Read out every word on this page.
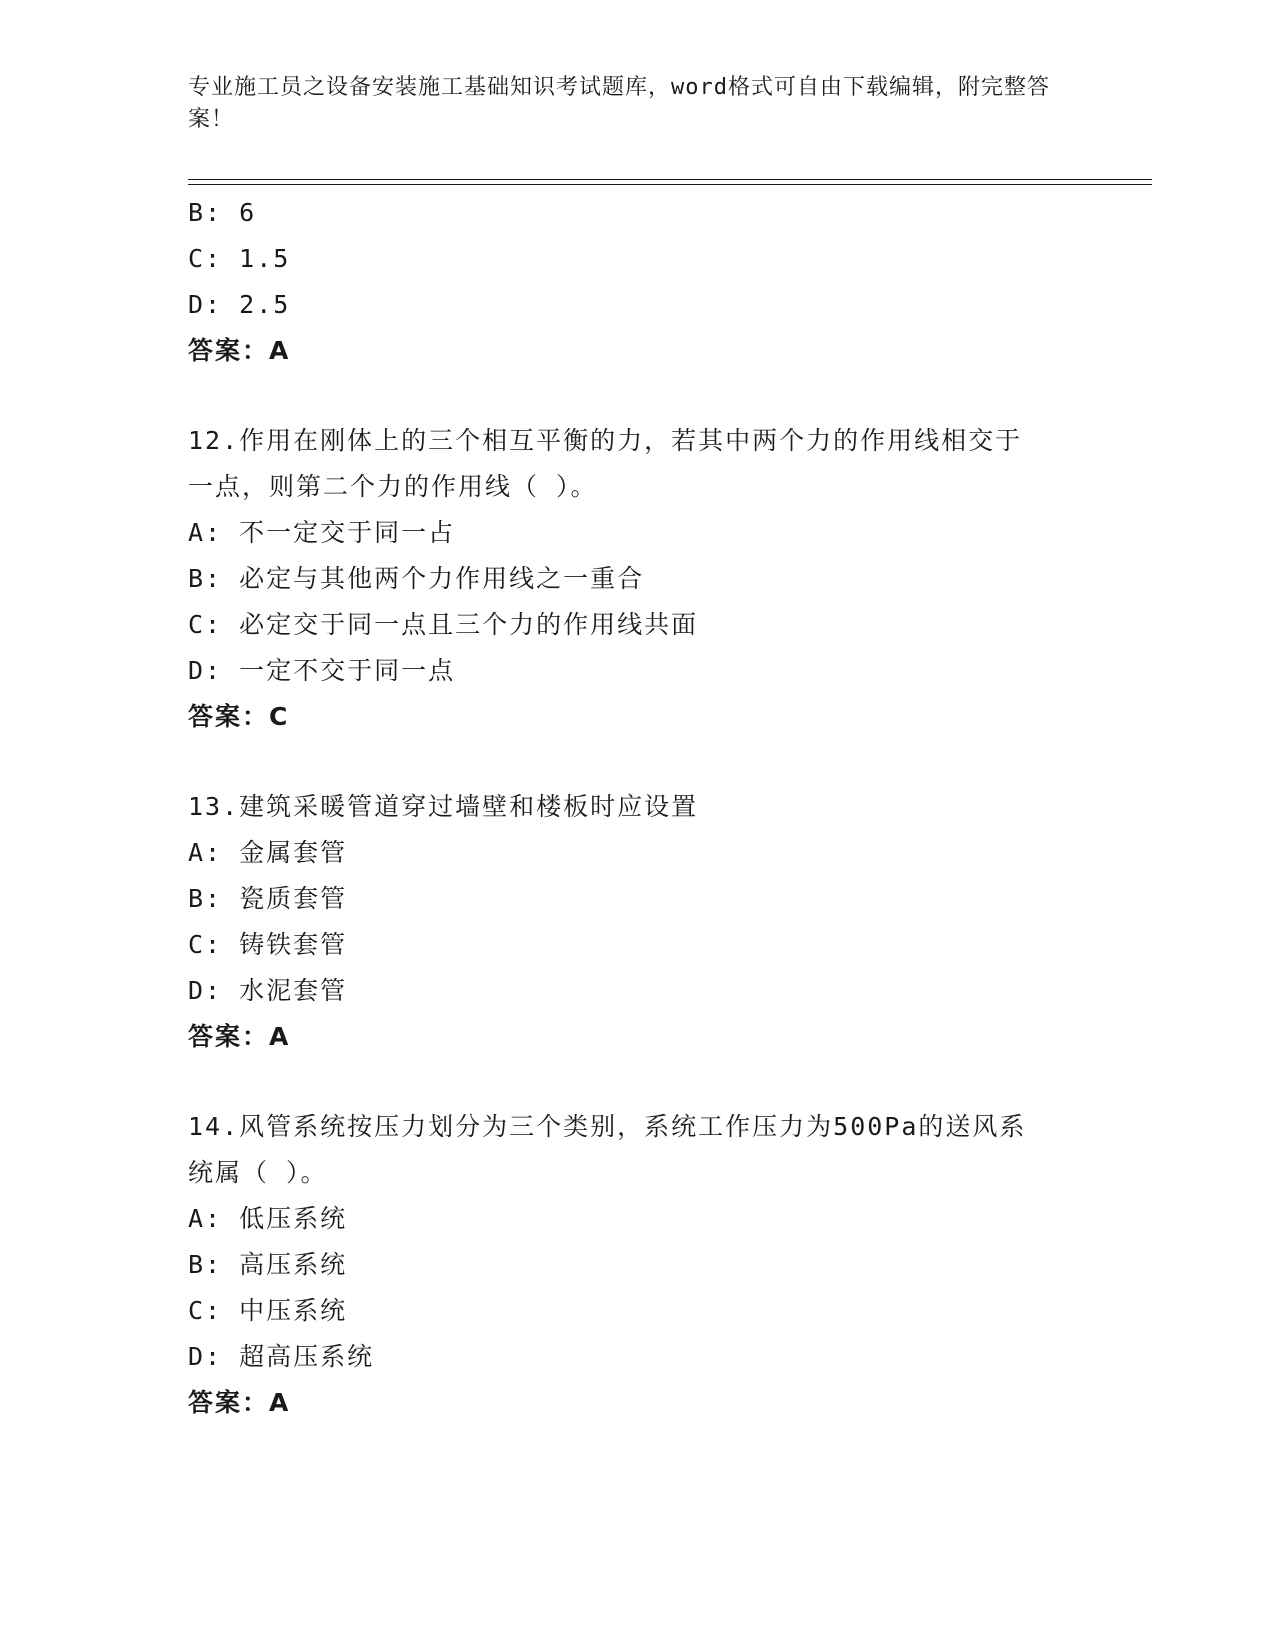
专业施工员之设备安装施工基础知识考试题库，word格式可自由下载编辑，附完整答案！
B: 6
C: 1.5
D: 2.5
答案：A
12.作用在刚体上的三个相互平衡的力，若其中两个力的作用线相交于
一点，则第二个力的作用线（ ）。
A: 不一定交于同一占
B: 必定与其他两个力作用线之一重合
C: 必定交于同一点且三个力的作用线共面
D: 一定不交于同一点
答案：C
13.建筑采暖管道穿过墙壁和楼板时应设置
A: 金属套管
B: 瓷质套管
C: 铸铁套管
D: 水泥套管
答案：A
14.风管系统按压力划分为三个类别，系统工作压力为500Pa的送风系
统属（ ）。
A: 低压系统
B: 高压系统
C: 中压系统
D: 超高压系统
答案：A
